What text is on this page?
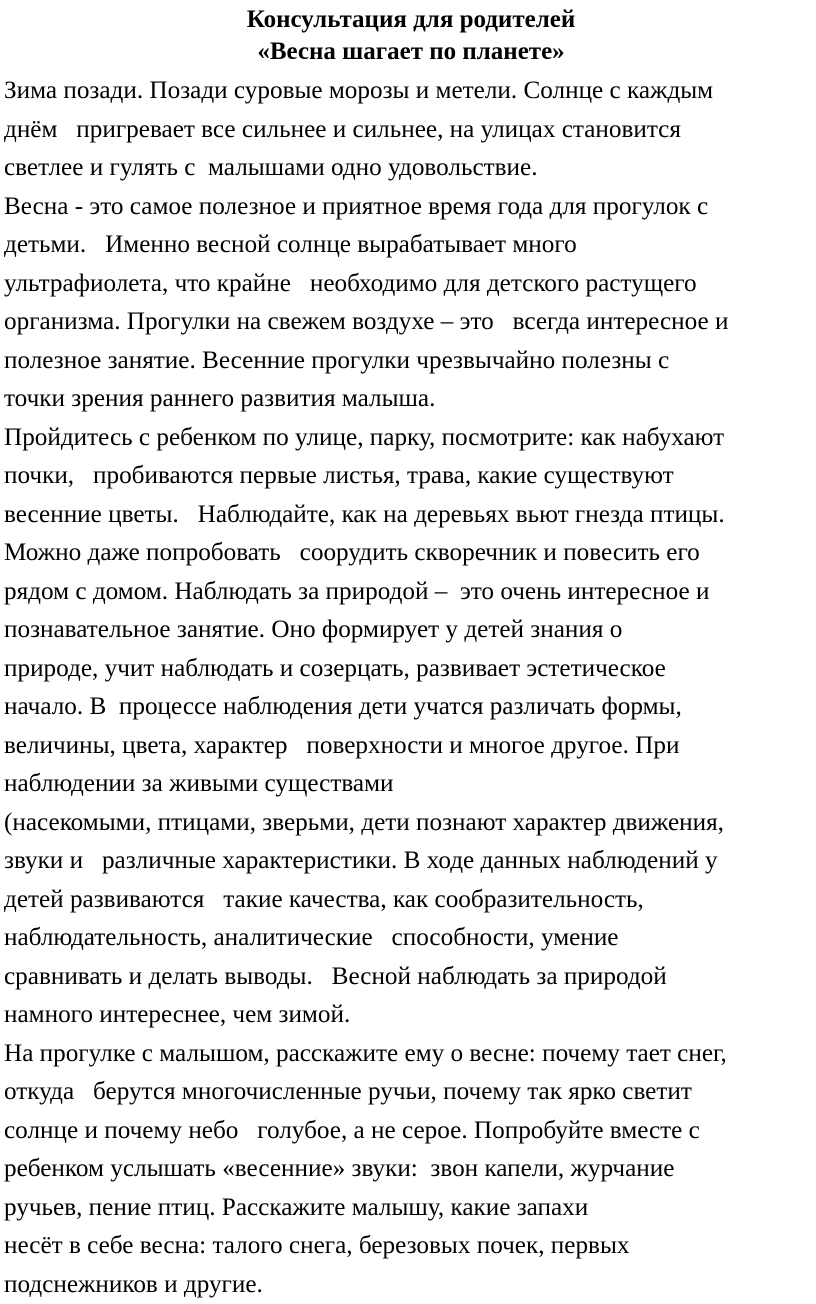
Консультация для родителей
«Весна шагает по планете»

Зима позади. Позади суровые морозы и метели. Солнце с каждым

днём   пригревает все сильнее и сильнее, на улицах становится

светлее и гулять с  малышами одно удовольствие.

Весна - это самое полезное и приятное время года для прогулок с

детьми.   Именно весной солнце вырабатывает много

ультрафиолета, что крайне   необходимо для детского растущего

организма. Прогулки на свежем воздухе – это   всегда интересное и

полезное занятие. Весенние прогулки чрезвычайно полезны с

точки зрения раннего развития малыша.

Пройдитесь с ребенком по улице, парку, посмотрите: как набухают

почки,   пробиваются первые листья, трава, какие существуют

весенние цветы.   Наблюдайте, как на деревьях вьют гнезда птицы.

Можно даже попробовать   соорудить скворечник и повесить его

рядом с домом. Наблюдать за природой –  это очень интересное и

познавательное занятие. Оно формирует у детей знания о

природе, учит наблюдать и созерцать, развивает эстетическое

начало. В  процессе наблюдения дети учатся различать формы,

величины, цвета, характер   поверхности и многое другое. При

наблюдении за живыми существами

(насекомыми, птицами, зверьми, дети познают характер движения,

звуки и   различные характеристики. В ходе данных наблюдений у

детей развиваются   такие качества, как сообразительность,

наблюдательность, аналитические   способности, умение

сравнивать и делать выводы.   Весной наблюдать за природой

намного интереснее, чем зимой.

На прогулке с малышом, расскажите ему о весне: почему тает снег,

откуда   берутся многочисленные ручьи, почему так ярко светит

солнце и почему небо   голубое, а не серое. Попробуйте вместе с

ребенком услышать «весенние» звуки:  звон капели, журчание

ручьев, пение птиц. Расскажите малышу, какие запахи

несёт в себе весна: талого снега, березовых почек, первых

подснежников и другие.
